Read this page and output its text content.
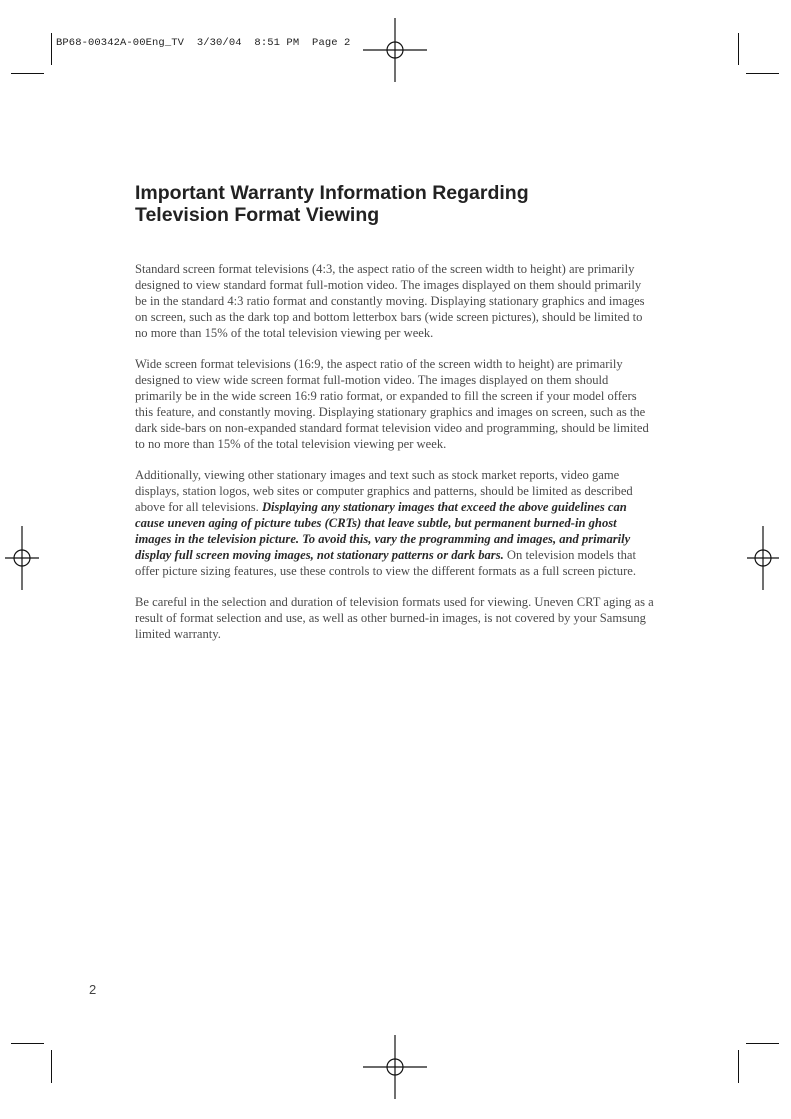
BP68-00342A-00Eng_TV  3/30/04  8:51 PM  Page 2
Important Warranty Information Regarding
Television Format Viewing

Standard screen format televisions (4:3, the aspect ratio of the screen width to height) are primarily designed to view standard format full-motion video. The images displayed on them should primarily be in the standard 4:3 ratio format and constantly moving. Displaying stationary graphics and images on screen, such as the dark top and bottom letterbox bars (wide screen pictures), should be limited to no more than 15% of the total television viewing per week.

Wide screen format televisions (16:9, the aspect ratio of the screen width to height) are primarily designed to view wide screen format full-motion video. The images displayed on them should primarily be in the wide screen 16:9 ratio format, or expanded to fill the screen if your model offers this feature, and constantly moving. Displaying stationary graphics and images on screen, such as the dark side-bars on non-expanded standard format television video and programming, should be limited to no more than 15% of the total television viewing per week.

Additionally, viewing other stationary images and text such as stock market reports, video game displays, station logos, web sites or computer graphics and patterns, should be limited as described above for all televisions. Displaying any stationary images that exceed the above guidelines can cause uneven aging of picture tubes (CRTs) that leave subtle, but permanent burned-in ghost images in the television picture. To avoid this, vary the programming and images, and primarily display full screen moving images, not stationary patterns or dark bars. On television models that offer picture sizing features, use these controls to view the different formats as a full screen picture.

Be careful in the selection and duration of television formats used for viewing. Uneven CRT aging as a result of format selection and use, as well as other burned-in images, is not covered by your Samsung limited warranty.

2
